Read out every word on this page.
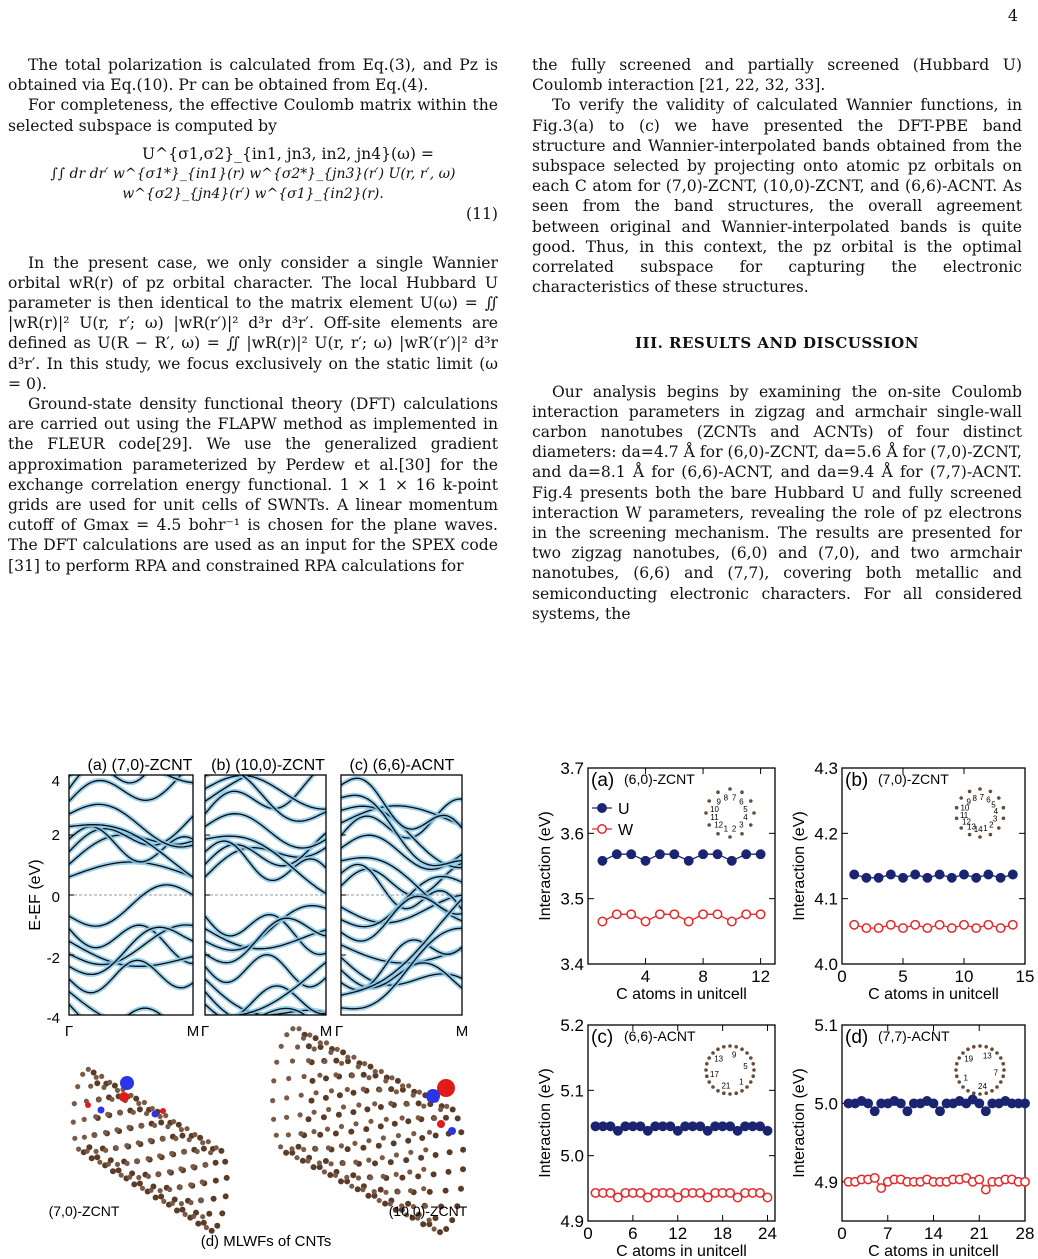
4

The total polarization is calculated from Eq.(3), and Pz is obtained via Eq.(10). Pr can be obtained from Eq.(4).

For completeness, the effective Coulomb matrix within the selected subspace is computed by

U^{σ1,σ2}_{in1, jn3, in2, jn4}(ω) =
∫∫ dr dr′ w^{σ1*}_{in1}(r) w^{σ2*}_{jn3}(r′) U(r, r′, ω) w^{σ2}_{jn4}(r′) w^{σ1}_{in2}(r).
(11)

In the present case, we only consider a single Wannier orbital wR(r) of pz orbital character. The local Hubbard U parameter is then identical to the matrix element U(ω) = ∬ |wR(r)|² U(r, r′; ω) |wR(r′)|² d³r d³r′. Off-site elements are defined as U(R − R′, ω) = ∬ |wR(r)|² U(r, r′; ω) |wR′(r′)|² d³r d³r′. In this study, we focus exclusively on the static limit (ω = 0).

Ground-state density functional theory (DFT) calculations are carried out using the FLAPW method as implemented in the FLEUR code[29]. We use the generalized gradient approximation parameterized by Perdew et al.[30] for the exchange correlation energy functional. 1 × 1 × 16 k-point grids are used for unit cells of SWNTs. A linear momentum cutoff of Gmax = 4.5 bohr⁻¹ is chosen for the plane waves. The DFT calculations are used as an input for the SPEX code [31] to perform RPA and constrained RPA calculations for

the fully screened and partially screened (Hubbard U) Coulomb interaction [21, 22, 32, 33].

To verify the validity of calculated Wannier functions, in Fig.3(a) to (c) we have presented the DFT-PBE band structure and Wannier-interpolated bands obtained from the subspace selected by projecting onto atomic pz orbitals on each C atom for (7,0)-ZCNT, (10,0)-ZCNT, and (6,6)-ACNT. As seen from the band structures, the overall agreement between original and Wannier-interpolated bands is quite good. Thus, in this context, the pz orbital is the optimal correlated subspace for capturing the electronic characteristics of these structures.

III. RESULTS AND DISCUSSION

Our analysis begins by examining the on-site Coulomb interaction parameters in zigzag and armchair single-wall carbon nanotubes (ZCNTs and ACNTs) of four distinct diameters: da=4.7 Å for (6,0)-ZCNT, da=5.6 Å for (7,0)-ZCNT, and da=8.1 Å for (6,6)-ACNT, and da=9.4 Å for (7,7)-ACNT. Fig.4 presents both the bare Hubbard U and fully screened interaction W parameters, revealing the role of pz electrons in the screening mechanism. The results are presented for two zigzag nanotubes, (6,0) and (7,0), and two armchair nanotubes, (6,6) and (7,7), covering both metallic and semiconducting electronic characters. For all considered systems, the

(a) (7,0)-ZCNT (b) (10,0)-ZCNT (c) (6,6)-ACNT
E-EF (eV)
4
2
0
-2
-4
Γ	M Γ	M Γ	M
(7,0)-ZCNT	(10,0)-ZCNT
(d) MLWFs of CNTs
3.4
3.5
3.6
3.7
4	8	12
C atoms in unitcell
Interaction (eV)
(a) (6,0)-ZCNT
U
W
9 8 7 6
5
4
3
2
1
12
11
10
4.0
4.1
4.2
4.3
0	5	10 15
C atoms in unitcell
Interaction (eV)
(b) (7,0)-ZCNT
9 8 7 6
5
4
3
2
1
14
13
12
11
10
4.9
5.0
5.1
5.2
0 6 12 18 24
C atoms in unitcell
Interaction (eV)
(c) (6,6)-ACNT
13 9
5
1
21
17
4.9
5.0
5.1
0 7 14 21 28
C atoms in unitcell
Interaction (eV)
(d) (7,7)-ACNT
19 13
7
24
1
